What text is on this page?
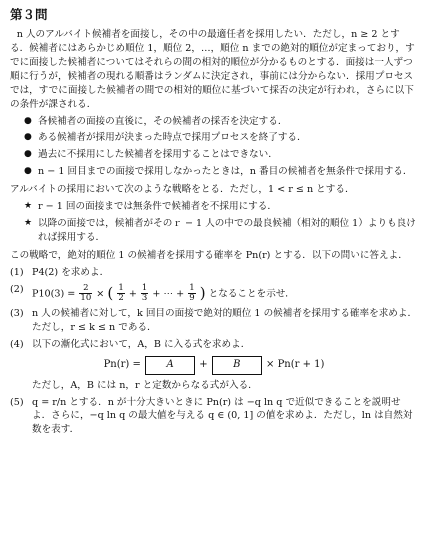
第３問

n 人のアルバイト候補者を面接し，その中の最適任者を採用したい．ただし，n ≥ 2 とする．候補者にはあらかじめ順位 1，順位 2，…，順位 n までの絶対的順位が定まっており，すでに面接した候補者についてはそれらの間の相対的順位が分かるものとする．面接は一人ずつ順に行うが，候補者の現れる順番はランダムに決定され，事前には分からない．採用プロセスでは，すでに面接した候補者の間での相対的順位に基づいて採否の決定が行われ，さらに以下の条件が課される．

● 各候補者の面接の直後に，その候補者の採否を決定する．
● ある候補者が採用が決まった時点で採用プロセスを終了する．
● 過去に不採用にした候補者を採用することはできない．
● n − 1 回目までの面接で採用しなかったときは，n 番目の候補者を無条件で採用する．

アルバイトの採用において次のような戦略をとる．ただし，1 < r ≤ n とする．

★ r − 1 回の面接までは無条件で候補者を不採用にする．
★ 以降の面接では，候補者がそのｒ − 1 人の中での最良候補（相対的順位 1）よりも良ければ採用する．

この戦略で，絶対的順位 1 の候補者を採用する確率を Pn(r) とする．以下の問いに答えよ．

(1) P4(2) を求めよ．
(2) $P10(3) = \frac{2}{10}$ × ( $\frac{1}{2} + \frac{1}{3}$ + ⋯ + $\frac{1}{9}$ ) となることを示せ．
(3) n 人の候補者に対して，k 回目の面接で絶対的順位 1 の候補者を採用する確率を求めよ．ただし，r ≤ k ≤ n である．
(4) 以下の漸化式において，A，B に入る式を求めよ．
Pn(r) =	A	+	B	× Pn(r + 1)
ただし，A，B には n，r と定数からなる式が入る．
(5) q = r/n とする．n が十分大きいときに Pn(r) は −q ln q で近似できることを説明せよ．さらに，−q ln q の最大値を与える q ∈ (0, 1] の値を求めよ．ただし，ln は自然対数を表す．
